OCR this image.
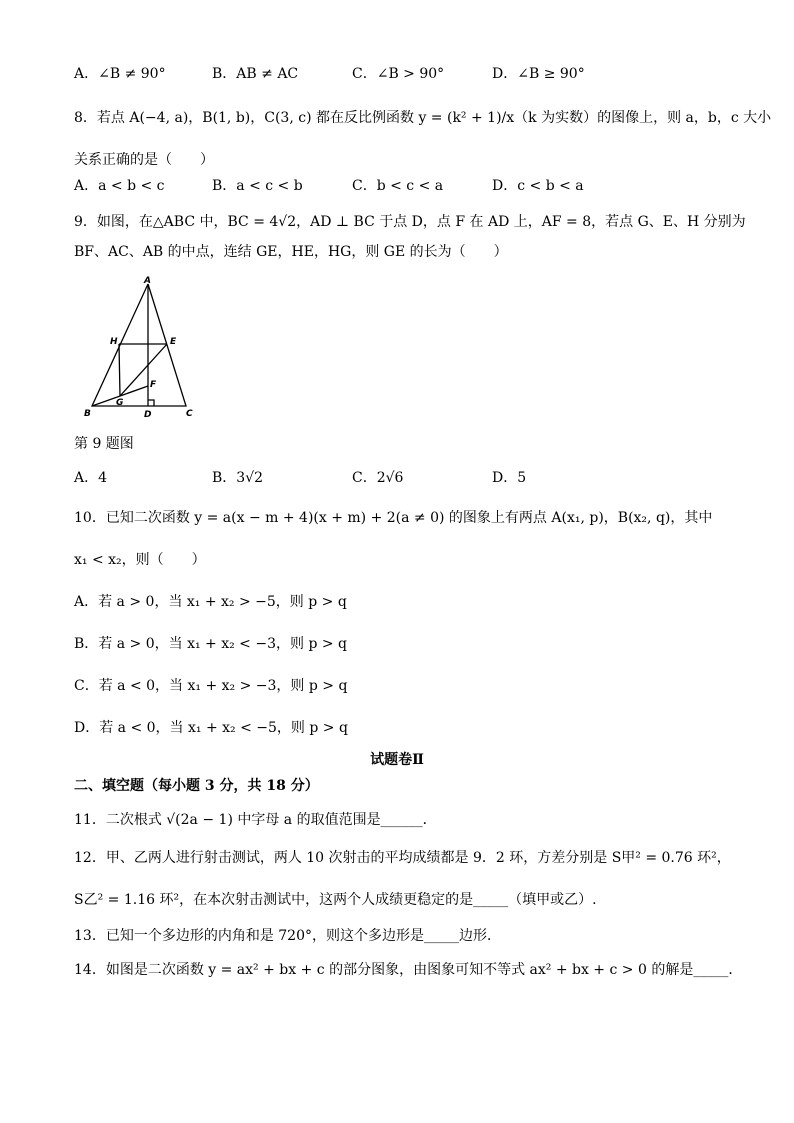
A．∠B ≠ 90°	B．AB ≠ AC	C．∠B > 90°	D．∠B ≥ 90°
8．若点 A(−4, a)，B(1, b)，C(3, c) 都在反比例函数 y = (k² + 1)/x（k 为实数）的图像上，则 a，b，c 大小
关系正确的是（　　）
A．a < b < c	B．a < c < b	C．b < c < a	D．c < b < a
9．如图，在△ABC 中，BC = 4√2，AD ⊥ BC 于点 D，点 F 在 AD 上，AF = 8，若点 G、E、H 分别为
BF、AC、AB 的中点，连结 GE，HE，HG，则 GE 的长为（　　）
A
B	C
D
E
F
G
H
第 9 题图
A．4	B．3√2	C．2√6	D．5
10．已知二次函数 y = a(x − m + 4)(x + m) + 2(a ≠ 0) 的图象上有两点 A(x₁, p)，B(x₂, q)，其中
x₁ < x₂，则（　　）
A．若 a > 0，当 x₁ + x₂ > −5，则 p > q
B．若 a > 0，当 x₁ + x₂ < −3，则 p > q
C．若 a < 0，当 x₁ + x₂ > −3，则 p > q
D．若 a < 0，当 x₁ + x₂ < −5，则 p > q
试题卷Ⅱ
二、填空题（每小题 3 分，共 18 分）
11．二次根式 √(2a − 1) 中字母 a 的取值范围是______．
12．甲、乙两人进行射击测试，两人 10 次射击的平均成绩都是 9．2 环，方差分别是 S甲² = 0.76 环²，
S乙² = 1.16 环²，在本次射击测试中，这两个人成绩更稳定的是_____（填甲或乙）.
13．已知一个多边形的内角和是 720°，则这个多边形是_____边形．
14．如图是二次函数 y = ax² + bx + c 的部分图象，由图象可知不等式 ax² + bx + c > 0 的解是_____．
